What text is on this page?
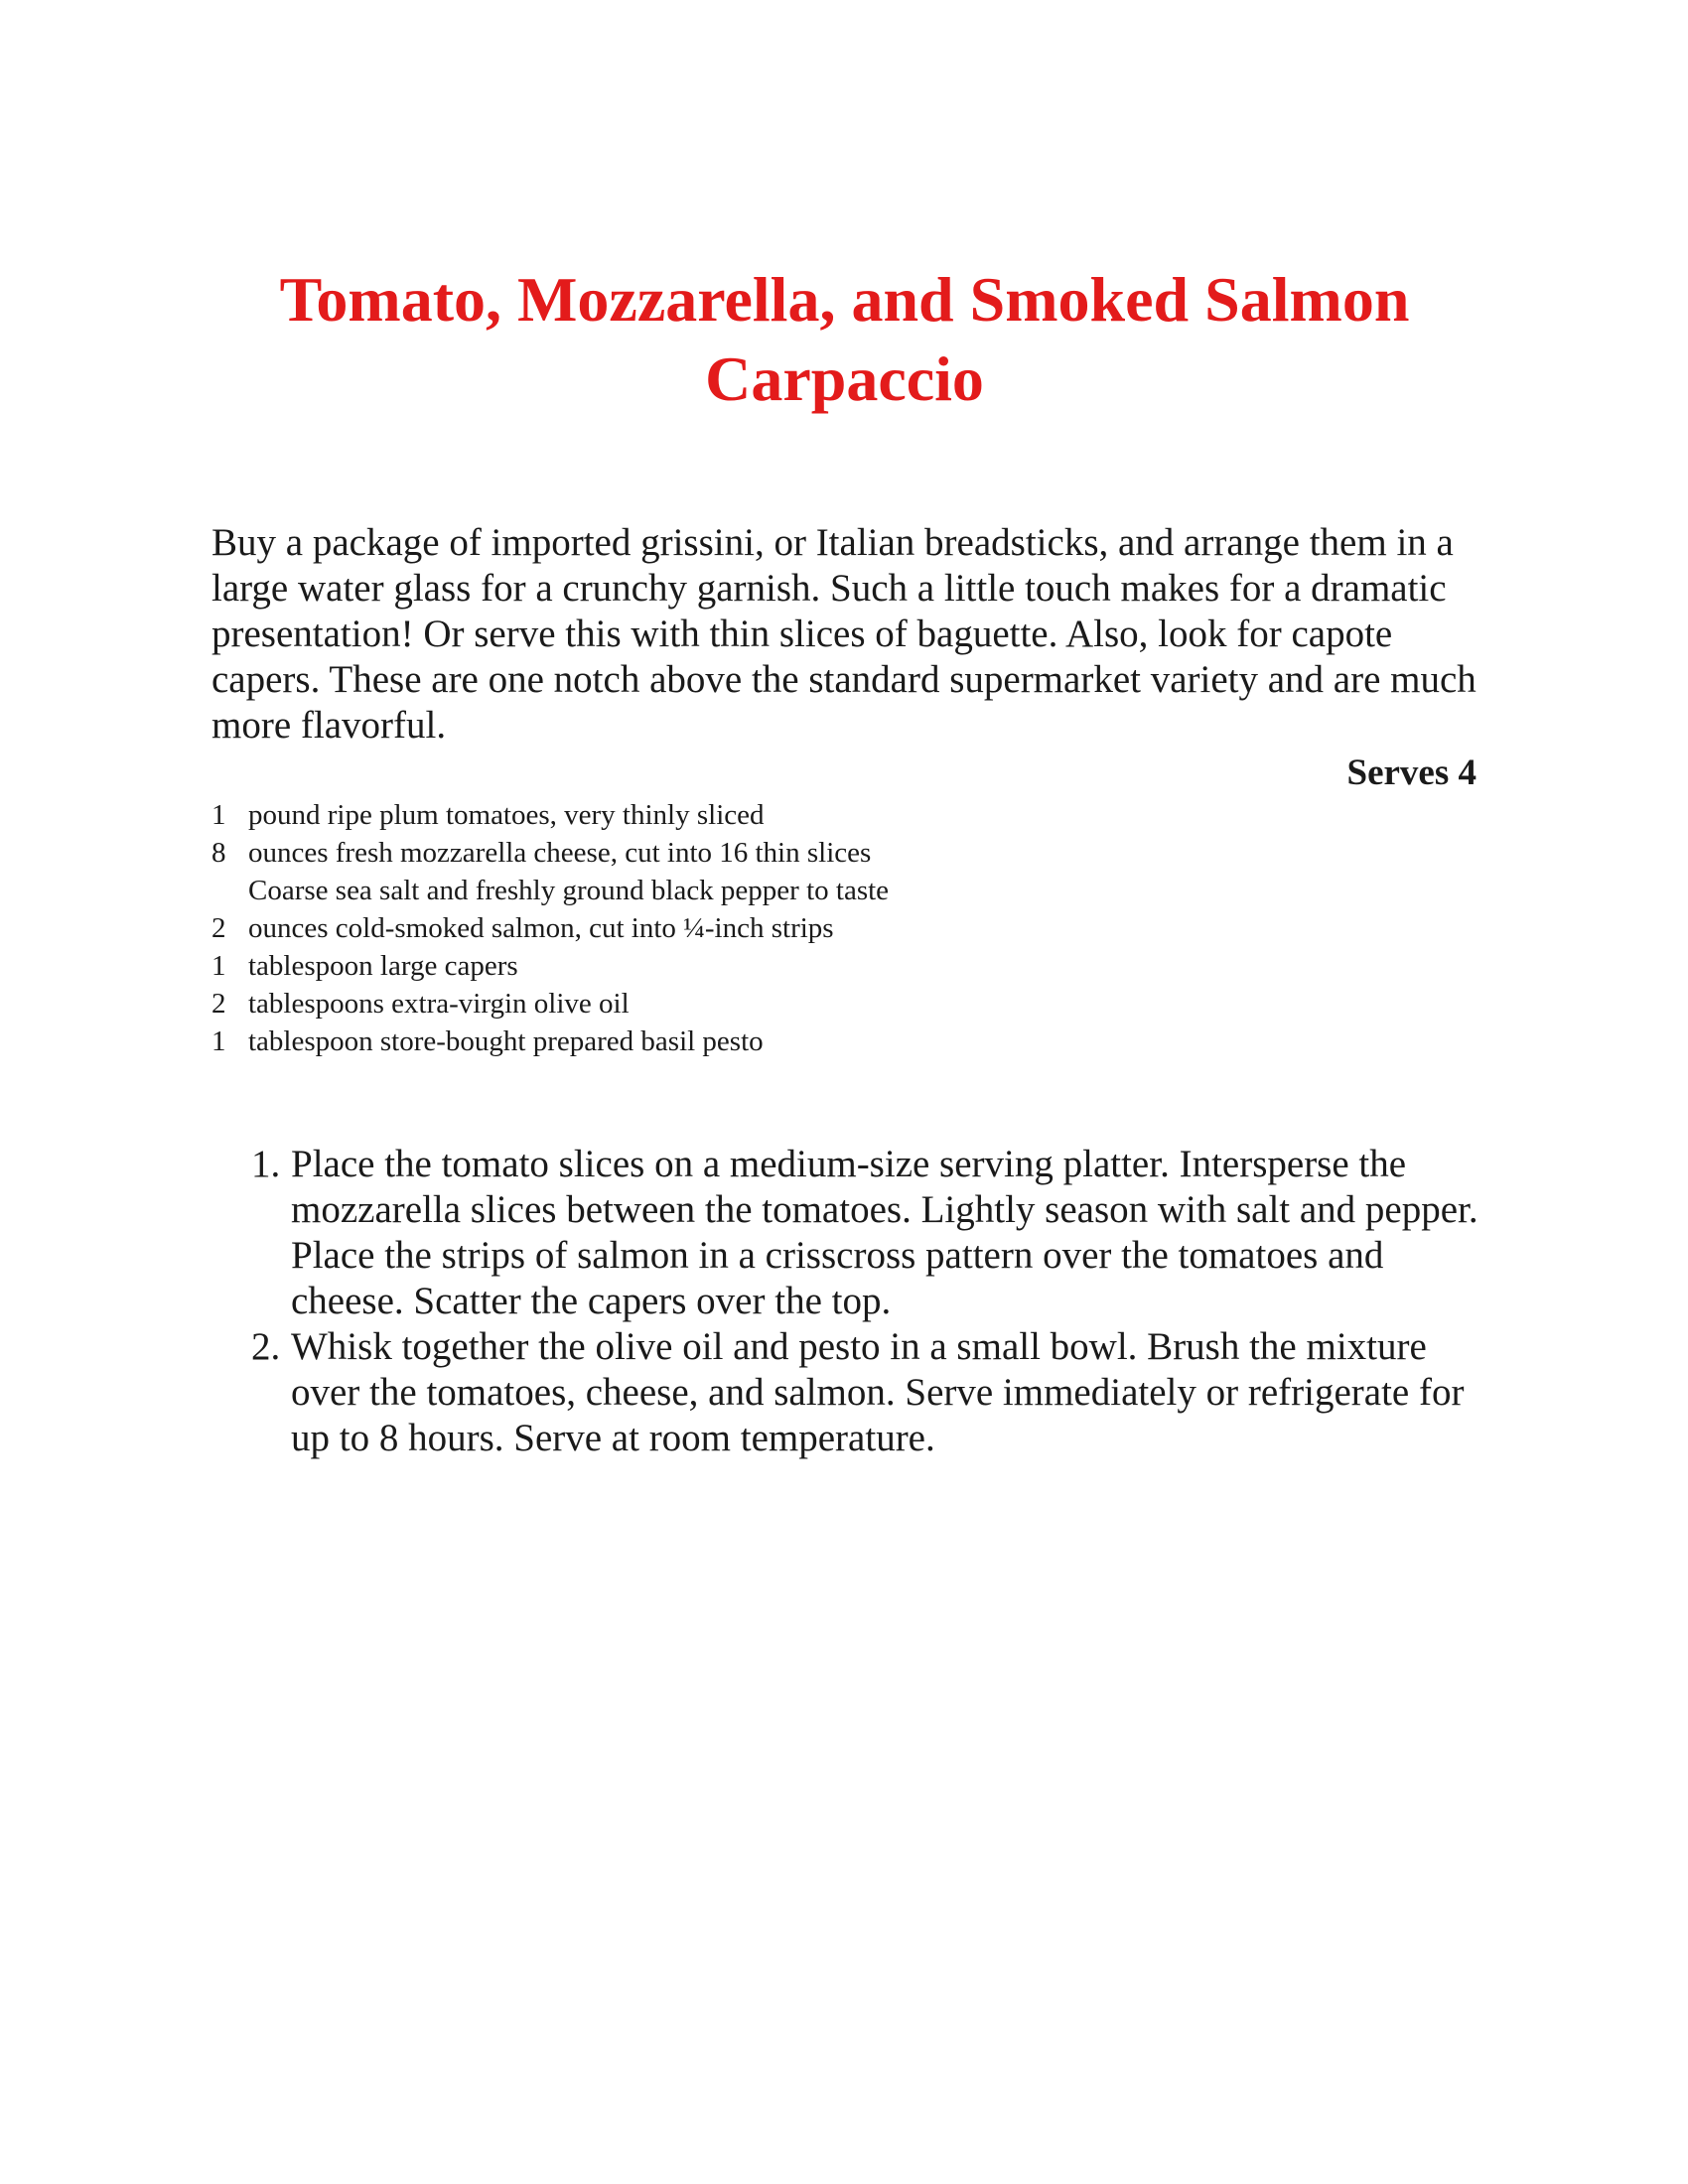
Tomato, Mozzarella, and Smoked Salmon Carpaccio

Buy a package of imported grissini, or Italian breadsticks, and arrange them in a large water glass for a crunchy garnish. Such a little touch makes for a dramatic presentation! Or serve this with thin slices of baguette. Also, look for capote capers. These are one notch above the standard supermarket variety and are much more flavorful.

Serves 4

1 pound ripe plum tomatoes, very thinly sliced
8 ounces fresh mozzarella cheese, cut into 16 thin slices
Coarse sea salt and freshly ground black pepper to taste
2 ounces cold-smoked salmon, cut into ¼-inch strips
1 tablespoon large capers
2 tablespoons extra-virgin olive oil
1 tablespoon store-bought prepared basil pesto
1. Place the tomato slices on a medium-size serving platter. Intersperse the mozzarella slices between the tomatoes. Lightly season with salt and pepper. Place the strips of salmon in a crisscross pattern over the tomatoes and cheese. Scatter the capers over the top.
2. Whisk together the olive oil and pesto in a small bowl. Brush the mixture over the tomatoes, cheese, and salmon. Serve immediately or refrigerate for up to 8 hours. Serve at room temperature.
